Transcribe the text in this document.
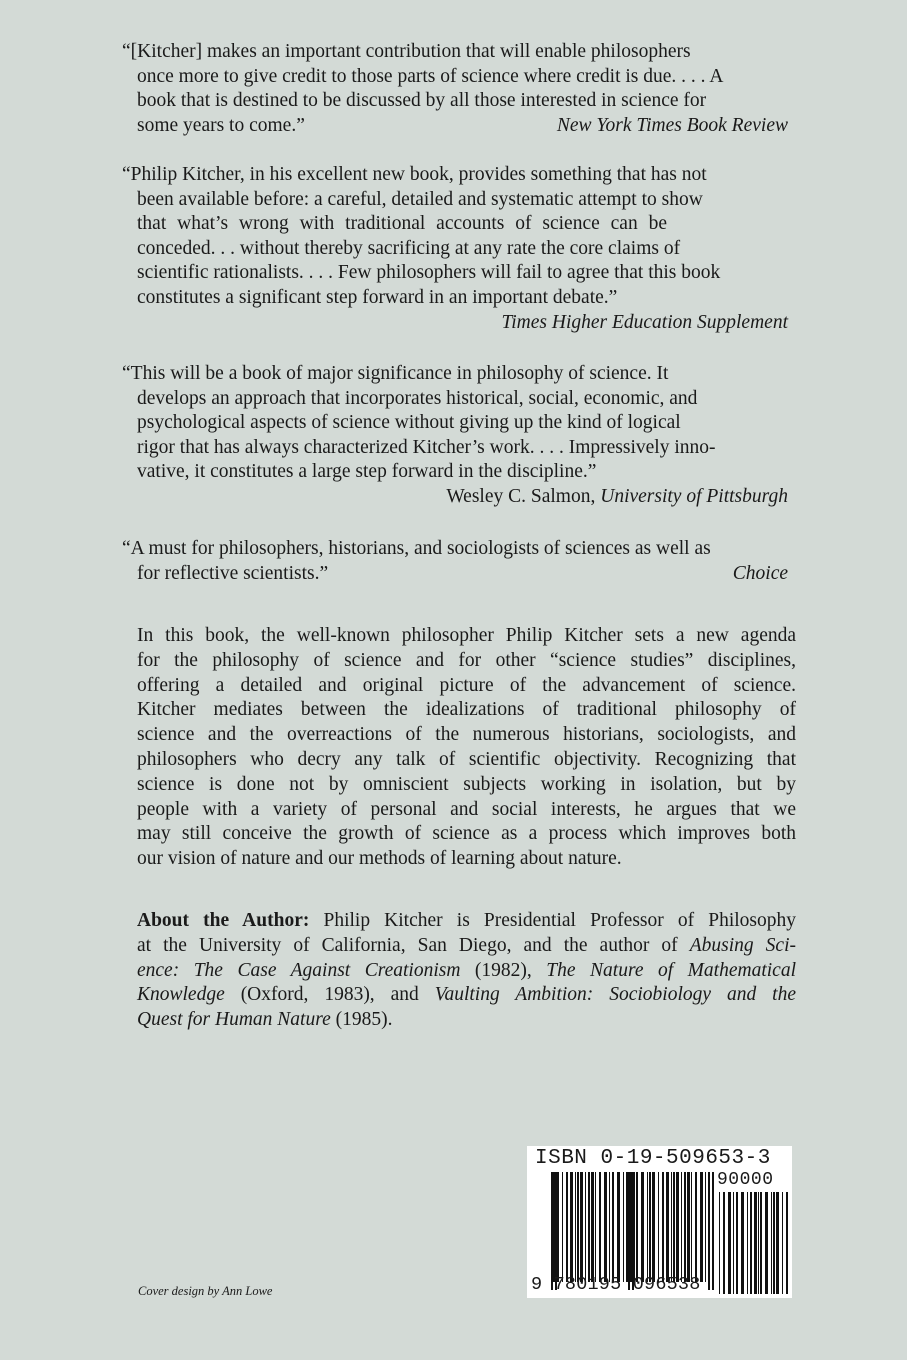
“[Kitcher] makes an important contribution that will enable philosophers
once more to give credit to those parts of science where credit is due. . . . A
book that is destined to be discussed by all those interested in science for
some years to come.”	New York Times Book Review
“Philip Kitcher, in his excellent new book, provides something that has not
been available before: a careful, detailed and systematic attempt to show
that what’s wrong with traditional accounts of science can be
conceded. . . without thereby sacrificing at any rate the core claims of
scientific rationalists. . . . Few philosophers will fail to agree that this book
constitutes a significant step forward in an important debate.”
Times Higher Education Supplement
“This will be a book of major significance in philosophy of science. It
develops an approach that incorporates historical, social, economic, and
psychological aspects of science without giving up the kind of logical
rigor that has always characterized Kitcher’s work. . . . Impressively inno-
vative, it constitutes a large step forward in the discipline.”
Wesley C. Salmon, University of Pittsburgh
“A must for philosophers, historians, and sociologists of sciences as well as
for reflective scientists.”	Choice
In this book, the well-known philosopher Philip Kitcher sets a new agenda
for the philosophy of science and for other “science studies” disciplines,
offering a detailed and original picture of the advancement of science.
Kitcher mediates between the idealizations of traditional philosophy of
science and the overreactions of the numerous historians, sociologists, and
philosophers who decry any talk of scientific objectivity. Recognizing that
science is done not by omniscient subjects working in isolation, but by
people with a variety of personal and social interests, he argues that we
may still conceive the growth of science as a process which improves both
our vision of nature and our methods of learning about nature.
About the Author: Philip Kitcher is Presidential Professor of Philosophy
at the University of California, San Diego, and the author of Abusing Sci-
ence: The Case Against Creationism (1982), The Nature of Mathematical
Knowledge (Oxford, 1983), and Vaulting Ambition: Sociobiology and the
Quest for Human Nature (1985).
ISBN 0-19-509653-3
90000
9 780195 096538
Cover design by Ann Lowe
